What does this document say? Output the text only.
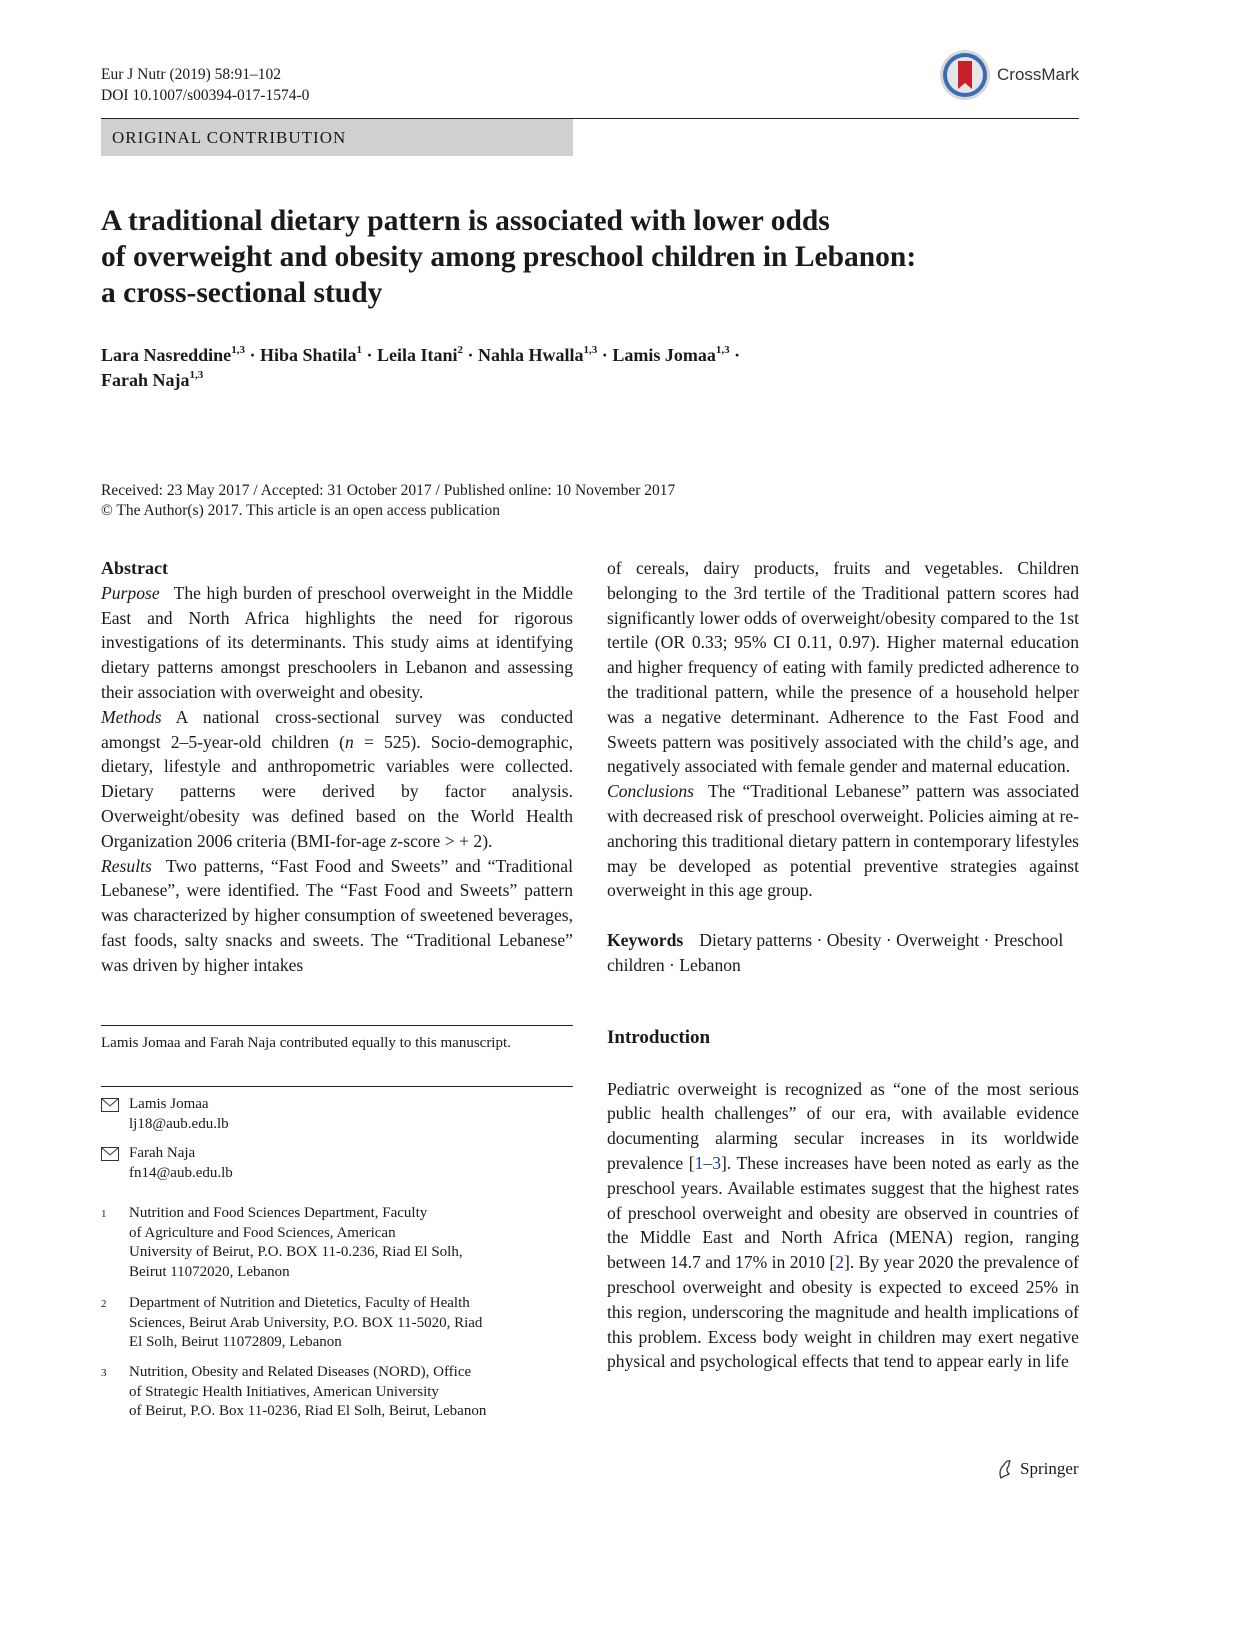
Eur J Nutr (2019) 58:91–102
DOI 10.1007/s00394-017-1574-0
CrossMark
ORIGINAL CONTRIBUTION
A traditional dietary pattern is associated with lower odds
of overweight and obesity among preschool children in Lebanon:
a cross-sectional study
Lara Nasreddine$^{1,3}$ · Hiba Shatila$^1$ · Leila Itani$^2$ · Nahla Hwalla$^{1,3}$ · Lamis Jomaa$^{1,3}$ ·
Farah Naja$^{1,3}$
Received: 23 May 2017 / Accepted: 31 October 2017 / Published online: 10 November 2017
© The Author(s) 2017. This article is an open access publication

Abstract

Purpose The high burden of preschool overweight in the Middle East and North Africa highlights the need for rigorous investigations of its determinants. This study aims at identifying dietary patterns amongst preschoolers in Lebanon and assessing their association with overweight and obesity.

Methods A national cross-sectional survey was conducted amongst 2–5-year-old children (n = 525). Socio-demographic, dietary, lifestyle and anthropometric variables were collected. Dietary patterns were derived by factor analysis. Overweight/obesity was defined based on the World Health Organization 2006 criteria (BMI-for-age z-score > + 2).

Results Two patterns, “Fast Food and Sweets” and “Traditional Lebanese”, were identified. The “Fast Food and Sweets” pattern was characterized by higher consumption of sweetened beverages, fast foods, salty snacks and sweets. The “Traditional Lebanese” was driven by higher intakes

Lamis Jomaa and Farah Naja contributed equally to this manuscript.
Lamis Jomaa
lj18@aub.edu.lb
Farah Naja
fn14@aub.edu.lb
1	Nutrition and Food Sciences Department, Faculty
of Agriculture and Food Sciences, American
University of Beirut, P.O. BOX 11-0.236, Riad El Solh,
Beirut 11072020, Lebanon
2	Department of Nutrition and Dietetics, Faculty of Health
Sciences, Beirut Arab University, P.O. BOX 11-5020, Riad
El Solh, Beirut 11072809, Lebanon
3	Nutrition, Obesity and Related Diseases (NORD), Office
of Strategic Health Initiatives, American University
of Beirut, P.O. Box 11-0236, Riad El Solh, Beirut, Lebanon

of cereals, dairy products, fruits and vegetables. Children belonging to the 3rd tertile of the Traditional pattern scores had significantly lower odds of overweight/obesity compared to the 1st tertile (OR 0.33; 95% CI 0.11, 0.97). Higher maternal education and higher frequency of eating with family predicted adherence to the traditional pattern, while the presence of a household helper was a negative determinant. Adherence to the Fast Food and Sweets pattern was positively associated with the child’s age, and negatively associated with female gender and maternal education.

Conclusions The “Traditional Lebanese” pattern was associated with decreased risk of preschool overweight. Policies aiming at re-anchoring this traditional dietary pattern in contemporary lifestyles may be developed as potential preventive strategies against overweight in this age group.

Keywords Dietary patterns · Obesity · Overweight · Preschool children · Lebanon

Introduction

Pediatric overweight is recognized as “one of the most serious public health challenges” of our era, with available evidence documenting alarming secular increases in its worldwide prevalence [1–3]. These increases have been noted as early as the preschool years. Available estimates suggest that the highest rates of preschool overweight and obesity are observed in countries of the Middle East and North Africa (MENA) region, ranging between 14.7 and 17% in 2010 [2]. By year 2020 the prevalence of preschool overweight and obesity is expected to exceed 25% in this region, underscoring the magnitude and health implications of this problem. Excess body weight in children may exert negative physical and psychological effects that tend to appear early in life

Springer
